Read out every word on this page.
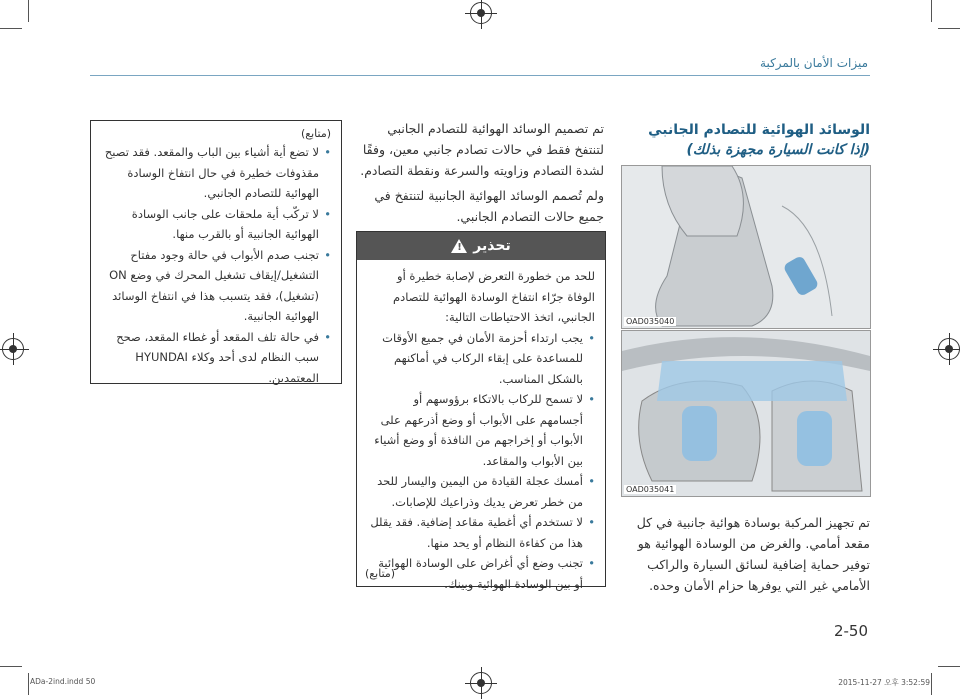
ميزات الأمان بالمركبة
الوسائد الهوائية للتصادم الجانبي
(إذا كانت السيارة مجهزة بذلك)
OAD035040
OAD035041

تم تجهيز المركبة بوسادة هوائية جانبية في كل مقعد أمامي. والغرض من الوسادة الهوائية هو توفير حماية إضافية لسائق السيارة والراكب الأمامي غير التي يوفرها حزام الأمان وحده.

تم تصميم الوسائد الهوائية للتصادم الجانبي لتنتفخ فقط في حالات تصادم جانبي معين، وفقًا لشدة التصادم وزاويته والسرعة ونقطة التصادم.

ولم تُصمم الوسائد الهوائية الجانبية لتنتفخ في جميع حالات التصادم الجانبي.

تحذير
!

للحد من خطورة التعرض لإصابة خطيرة أو الوفاة جرّاء انتفاخ الوسادة الهوائية للتصادم الجانبي، اتخذ الاحتياطات التالية:

• يجب ارتداء أحزمة الأمان في جميع الأوقات للمساعدة على إبقاء الركاب في أماكنهم بالشكل المناسب.
• لا تسمح للركاب بالاتكاء برؤوسهم أو أجسامهم على الأبواب أو وضع أذرعهم على الأبواب أو إخراجهم من النافذة أو وضع أشياء بين الأبواب والمقاعد.
• أمسك عجلة القيادة من اليمين واليسار للحد من خطر تعرض يديك وذراعيك للإصابات.
• لا تستخدم أي أغطية مقاعد إضافية. فقد يقلل هذا من كفاءة النظام أو يحد منها.
• تجنب وضع أي أغراض على الوسادة الهوائية أو بين الوسادة الهوائية وبينك.
(متابع)
(متابع)
• لا تضع أية أشياء بين الباب والمقعد. فقد تصبح مقذوفات خطيرة في حال انتفاخ الوسادة الهوائية للتصادم الجانبي.
• لا تركّب أية ملحقات على جانب الوسادة الهوائية الجانبية أو بالقرب منها.
• تجنب صدم الأبواب في حالة وجود مفتاح التشغيل/إيقاف تشغيل المحرك في وضع ON (تشغيل)، فقد يتسبب هذا في انتفاخ الوسائد الهوائية الجانبية.
• في حالة تلف المقعد أو غطاء المقعد، صحح سبب النظام لدى أحد وكلاء HYUNDAI المعتمدين.
2-50
ADa-2ind.indd 50	2015-11-27 오후 3:52:59
